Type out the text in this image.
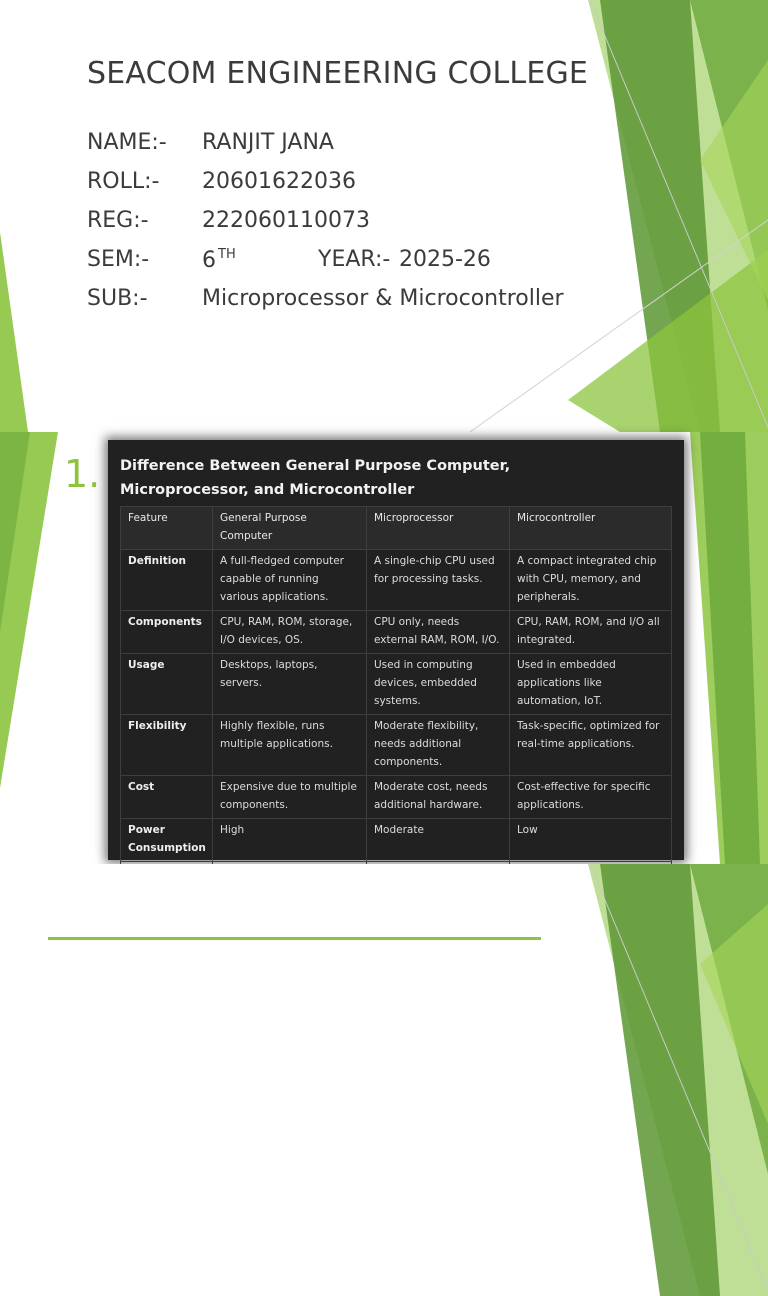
SEACOM ENGINEERING COLLEGE
NAME:- RANJIT JANA
ROLL:- 20601622036
REG:- 222060110073
SEM:- 6 $^{TH}$	YEAR:- 2025-26
SUB:- Microprocessor & Microcontroller
1. Difference Between General Purpose Computer, Microprocessor, and Microcontroller
Feature	General Purpose Computer	Microprocessor	Microcontroller
Definition	A full-fledged computer capable of running various applications.	A single-chip CPU used for processing tasks.	A compact integrated chip with CPU, memory, and peripherals.
Components	CPU, RAM, ROM, storage, I/O devices, OS.	CPU only, needs external RAM, ROM, I/O.	CPU, RAM, ROM, and I/O all integrated.
Usage	Desktops, laptops, servers.	Used in computing devices, embedded systems.	Used in embedded applications like automation, IoT.
Flexibility	Highly flexible, runs multiple applications.	Moderate flexibility, needs additional components.	Task-specific, optimized for real-time applications.
Cost	Expensive due to multiple components.	Moderate cost, needs additional hardware.	Cost-effective for specific applications.
Power Consumption	High	Moderate	Low
